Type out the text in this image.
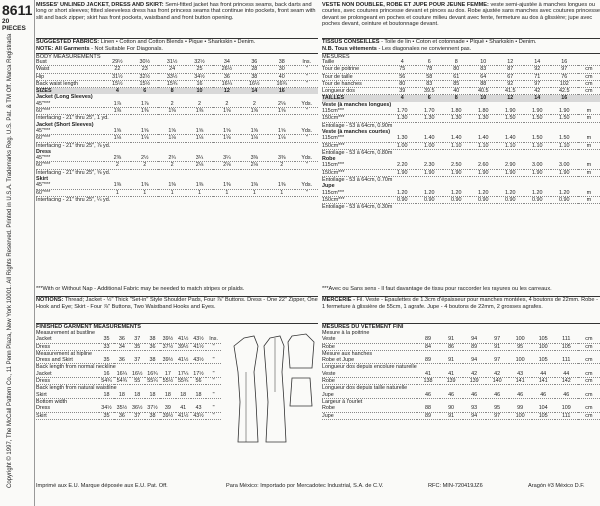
8611
20 PIECES
Copyright © 1997, The McCall Pattern Co., 11 Penn Plaza, New York 10001. All Rights Reserved. Printed in U.S.A. Trademarks Reg. U.S. Pat. & TM Off. Marca Registrada
MISSES' UNLINED JACKET, DRESS AND SKIRT: Semi-fitted jacket has front princess seams, back darts and long or short sleeves; fitted sleeveless dress has front princess seams that continue into pockets, front seam with slit and back zipper; skirt has front pockets, waistband and front button opening.
SUGGESTED FABRICS: Linen • Cotton and Cotton Blends • Pique • Sharkskin • Denim.
NOTE: All Garments - Not Suitable For Diagonals.
BODY MEASUREMENTS
Bust	29½	30½	31½	32½	34	36	38	Ins.
Waist	22	23	24	25	26½	28	30	"
Hip	31½	32½	33½	34½	36	38	40	"
Back waist length	15½	15½	15¾	16	16¼	16½	16¾	"
SIZES	4	6	8	10	12	14	16	
Jacket (Long Sleeves)								
45"***	1⅞	1⅞	2	2	2	2	2⅛	Yds.
60"***	1⅜	1⅜	1⅜	1⅜	1⅝	1⅝	1⅝	"
Interfacing - 21" thru 25", 1 yd.								
Jacket (Short Sleeves)								
45"***	1⅝	1⅝	1⅝	1⅝	1⅝	1⅝	1⅝	Yds.
60"***	1⅛	1⅛	1⅛	1⅛	1⅛	1⅛	1⅛	"
Interfacing - 21" thru 25", ⅞ yd.								
Dress								
45"***	2⅜	2½	2¾	3¼	3¼	3⅜	3⅜	Yds.
60"***	2	2	2	2⅛	2⅛	2⅛	2	"
Interfacing - 21" thru 25", ⅝ yd.								
Skirt								
45"***	1⅜	1⅜	1⅜	1⅜	1⅜	1⅜	1⅜	Yds.
60"***	1	1	1	1	1	1	1	"
Interfacing - 21" thru 25", ¼ yd.								
***With or Without Nap - Additional Fabric may be needed to match stripes or plaids.
NOTIONS: Thread; Jacket - ½" Thick "Set-in" Style Shoulder Pads, Four ⅞" Buttons. Dress - One 22" Zipper, One Hook and Eye; Skirt - Four ⅞" Buttons, Two Waistband Hooks and Eyes.
FINISHED GARMENT MEASUREMENTS
Measurement at bustline								
Jacket	35	36	37	38	39½	41½	43½	Ins.
Dress	33	34	35	36	37½	39½	41½	"
Measurement at hipline								
Dress and Skirt	35	36	37	38	39½	41½	43½	"
Back length from normal neckline								
Jacket	16	16¼	16½	16¾	17	17¼	17½	"
Dress	54¾	54¾	55	55¼	55½	55¾	56	"
Back length from natural waistline								
Skirt	18	18	18	18	18	18	18	"
Bottom width								
Dress	34½	35½	36½	37½	39	41	43	"
Skirt	35	36	37	38	39½	41½	43½	"
VESTE NON DOUBLEE, ROBE ET JUPE POUR JEUNE FEMME: veste semi-ajustée à manches longues ou courtes, avec coutures princesse devant et pinces au dos. Robe ajustée sans manches avec coutures princesse devant se prolongeant en poches et couture milieu devant avec fente, fermeture au dos à glissière; jupe avec poches devant, ceinture et boutonnage devant.
TISSUS CONSEILLES - Toile de lin • Coton et cotonnade • Piqué • Sharkskin • Denim.
N.B. Tous vêtements - Les diagonales ne conviennent pas.
MESURES
Taille	4	6	8	10	12	14	16	
Tour de poitrine	75	78	80	83	87	92	97	cm
Tour de taille	56	58	61	64	67	71	76	cm
Tour de hanches	80	83	85	88	92	97	102	cm
Longueur dos	39	39.5	40	40.5	41.5	42	42.5	cm
TAILLES	4	6	8	10	12	14	16	
Veste (à manches longues)								
115cm***	1.70	1.70	1.80	1.80	1.90	1.90	1.90	m
150cm***	1.30	1.30	1.30	1.30	1.50	1.50	1.50	m
Entoilage - 53 à 64cm, 0.90m								
Veste (à manches courtes)								
115cm***	1.30	1.40	1.40	1.40	1.40	1.50	1.50	m
150cm***	1.00	1.00	1.10	1.10	1.10	1.10	1.10	m
Entoilage - 53 à 64cm, 0.80m								
Robe								
115cm***	2.20	2.30	2.50	2.60	2.90	3.00	3.00	m
150cm***	1.90	1.90	1.90	1.90	1.90	1.90	1.90	m
Entoilage - 53 à 64cm, 0.70m								
Jupe								
115cm***	1.20	1.20	1.20	1.20	1.20	1.20	1.20	m
150cm***	0.90	0.90	0.90	0.90	0.90	0.90	0.90	m
Entoilage - 53 à 64cm, 0.30m								
***Avec ou Sans sens - Il faut davantage de tissu pour raccorder les rayures ou les carreaux.
MERCERIE - Fil. Veste - Epaulettes de 1.3cm d'épaisseur pour manches montées, 4 boutons de 22mm. Robe - 1 fermeture à glissière de 55cm, 1 agrafe. Jupe - 4 boutons de 22mm, 2 grosses agrafes.
MESURES DU VETEMENT FINI
Mesure à la poitrine								
Veste	89	91	94	97	100	105	111	cm
Robe	84	86	89	91	95	100	105	cm
Mesure aux hanches								
Robe et Jupe	89	91	94	97	100	105	111	cm
Longueur dos depuis encolure naturelle								
Veste	41	41	42	42	43	44	44	cm
Robe	138	139	139	140	141	141	142	cm
Longueur dos depuis taille naturelle								
Jupe	46	46	46	46	46	46	46	cm
Largeur à l'ourlet								
Robe	88	90	93	95	99	104	109	cm
Jupe	89	91	94	97	100	105	111	cm
Imprimé aux E.U. Marque déposée aux E.U. Pat. Off.	Para México: Importado por Mercadotec Industrial, S.A. de C.V.	RFC: MIN-720419JZ6	Aragón #3 México D.F.
